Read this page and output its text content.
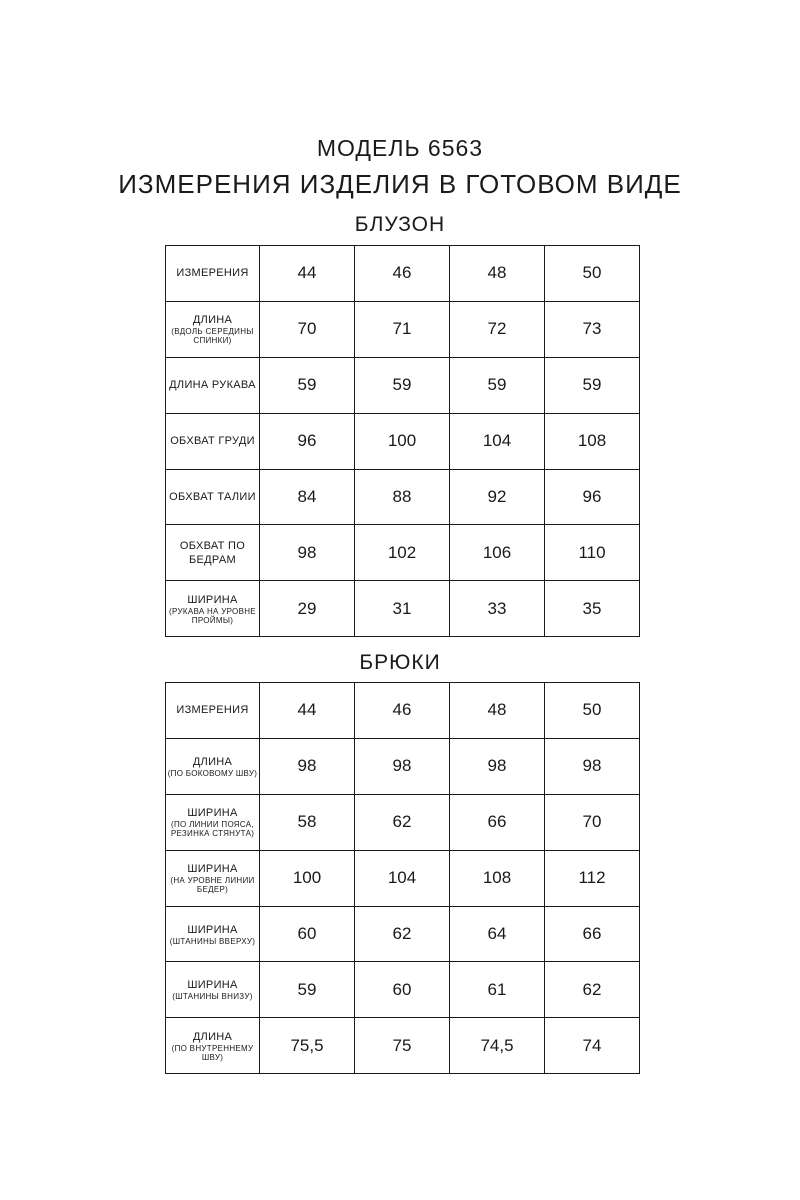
МОДЕЛЬ 6563
ИЗМЕРЕНИЯ ИЗДЕЛИЯ В ГОТОВОМ ВИДЕ
БЛУЗОН
ИЗМЕРЕНИЯ	44	46	48	50

ДЛИНА
(ВДОЛЬ СЕРЕДИНЫ СПИНКИ)	70	71	72	73

ДЛИНА РУКАВА	59	59	59	59

ОБХВАТ ГРУДИ	96	100	104	108

ОБХВАТ ТАЛИИ	84	88	92	96

ОБХВАТ ПО БЕДРАМ	98	102	106	110

ШИРИНА
(РУКАВА НА УРОВНЕ ПРОЙМЫ)	29	31	33	35
БРЮКИ
ИЗМЕРЕНИЯ	44	46	48	50

ДЛИНА
(ПО БОКОВОМУ ШВУ)	98	98	98	98

ШИРИНА
(ПО ЛИНИИ ПОЯСА, РЕЗИНКА СТЯНУТА)	58	62	66	70

ШИРИНА
(НА УРОВНЕ ЛИНИИ БЕДЕР)	100	104	108	112

ШИРИНА
(ШТАНИНЫ ВВЕРХУ)	60	62	64	66

ШИРИНА
(ШТАНИНЫ ВНИЗУ)	59	60	61	62

ДЛИНА
(ПО ВНУТРЕННЕМУ ШВУ)	75,5	75	74,5	74
